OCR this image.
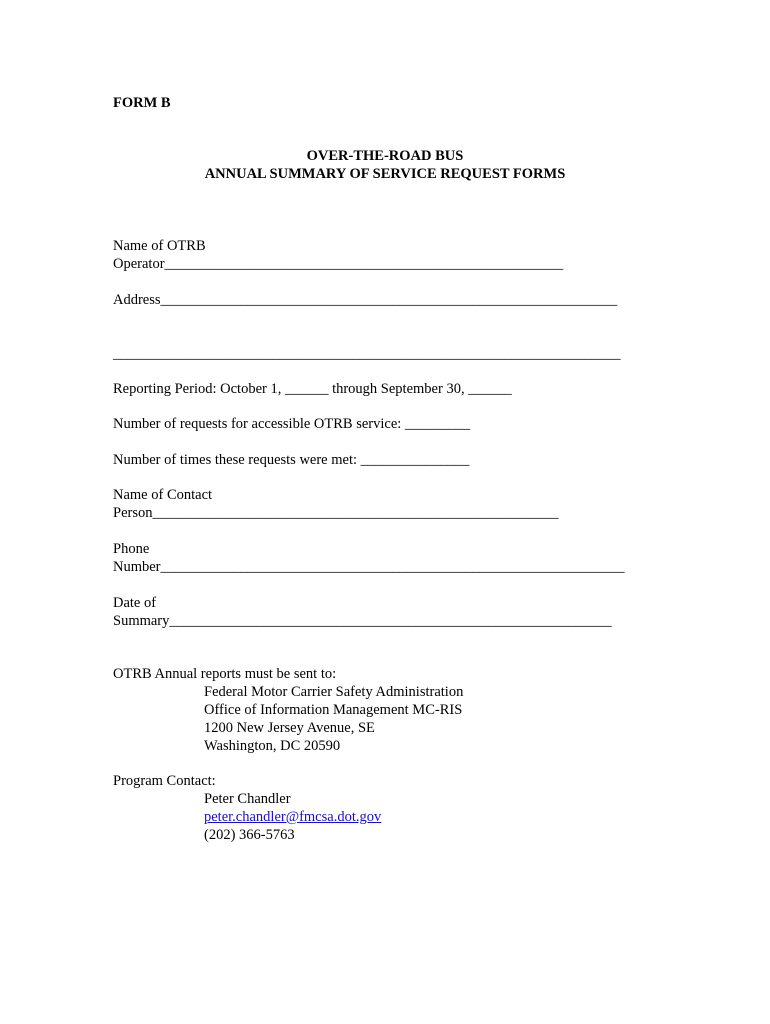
FORM B
OVER-THE-ROAD BUS
ANNUAL SUMMARY OF SERVICE REQUEST FORMS
Name of OTRB
Operator_______________________________________________________
Address_______________________________________________________________
______________________________________________________________________
Reporting Period: October 1, ______ through September 30, ______
Number of requests for accessible OTRB service: _________
Number of times these requests were met: _______________
Name of Contact
Person________________________________________________________
Phone
Number________________________________________________________________
Date of
Summary_____________________________________________________________
OTRB Annual reports must be sent to:
Federal Motor Carrier Safety Administration
Office of Information Management MC-RIS
1200 New Jersey Avenue, SE
Washington, DC 20590
Program Contact:
Peter Chandler
peter.chandler@fmcsa.dot.gov
(202) 366-5763
